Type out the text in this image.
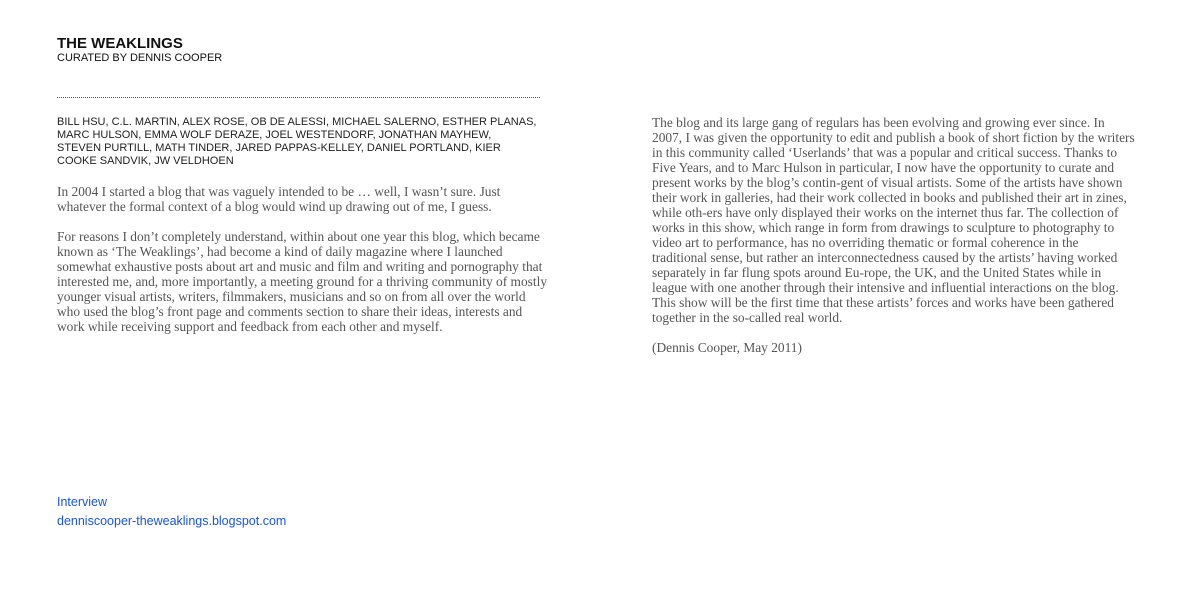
THE WEAKLINGS
CURATED BY DENNIS COOPER

BILL HSU, C.L. MARTIN, ALEX ROSE, OB DE ALESSI, MICHAEL SALERNO, ESTHER PLANAS, MARC HULSON, EMMA WOLF DERAZE, JOEL WESTENDORF, JONATHAN MAYHEW, STEVEN PURTILL, MATH TINDER, JARED PAPPAS-KELLEY, DANIEL PORTLAND, KIER COOKE SANDVIK, JW VELDHOEN

In 2004 I started a blog that was vaguely intended to be … well, I wasn’t sure. Just whatever the formal context of a blog would wind up drawing out of me, I guess.

For reasons I don’t completely understand, within about one year this blog, which became known as ‘The Weaklings’, had become a kind of daily magazine where I launched somewhat exhaustive posts about art and music and film and writing and pornography that interested me, and, more importantly, a meeting ground for a thriving community of mostly younger visual artists, writers, filmmakers, musicians and so on from all over the world who used the blog’s front page and comments section to share their ideas, interests and work while receiving support and feedback from each other and myself.

The blog and its large gang of regulars has been evolving and growing ever since. In 2007, I was given the opportunity to edit and publish a book of short fiction by the writers in this community called ‘Userlands’ that was a popular and critical success. Thanks to Five Years, and to Marc Hulson in particular, I now have the opportunity to curate and present works by the blog’s contin-gent of visual artists. Some of the artists have shown their work in galleries, had their work collected in books and published their art in zines, while oth-ers have only displayed their works on the internet thus far. The collection of works in this show, which range in form from drawings to sculpture to photography to video art to performance, has no overriding thematic or formal coherence in the traditional sense, but rather an interconnectedness caused by the artists’ having worked separately in far flung spots around Eu-rope, the UK, and the United States while in league with one another through their intensive and influential interactions on the blog. This show will be the first time that these artists’ forces and works have been gathered together in the so-called real world.

(Dennis Cooper, May 2011)

Interview
denniscooper-theweaklings.blogspot.com
